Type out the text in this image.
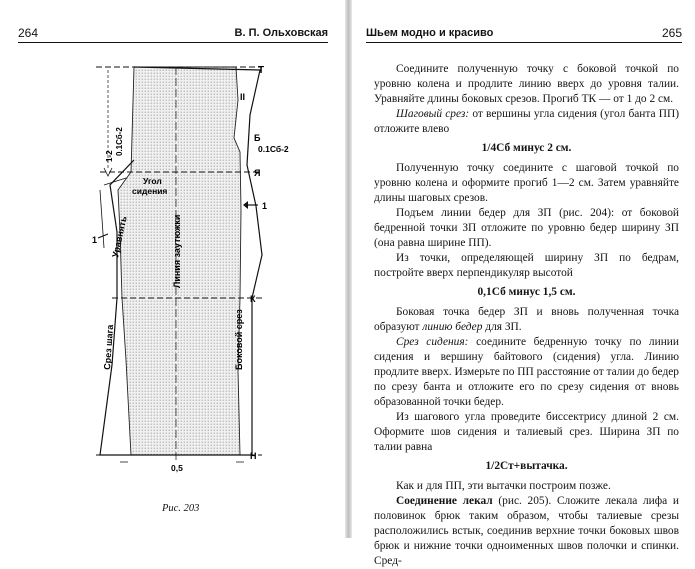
264	В. П. Ольховская
Т
II
Б
0.1Сб-2
0.1Сб-2
1-2
Угол
сидения
Я
1
1 Уравнять	Линия заутюжки
К
Срез шага	Боковой срез
Н
0,5
Рис. 203
Шьем модно и красиво	265

Соедините полученную точку с боковой точкой по уровню колена и продлите линию вверх до уровня талии. Уравняйте длины боковых срезов. Прогиб ТК — от 1 до 2 см.

Шаговый срез: от вершины угла сидения (угол банта ПП) отложите влево

1/4Сб минус 2 см.

Полученную точку соедините с шаговой точкой по уровню колена и оформите прогиб 1—2 см. Затем уравняйте длины шаговых срезов.

Подъем линии бедер для ЗП (рис. 204): от боковой бедренной точки ЗП отложите по уровню бедер ширину ЗП (она равна ширине ПП).

Из точки, определяющей ширину ЗП по бедрам, постройте вверх перпендикуляр высотой

0,1Сб минус 1,5 см.

Боковая точка бедер ЗП и вновь полученная точка образуют линию бедер для ЗП.

Срез сидения: соедините бедренную точку по линии сидения и вершину байтового (сидения) угла. Линию продлите вверх. Измерьте по ПП расстояние от талии до бедер по срезу банта и отложите его по срезу сидения от вновь образованной точки бедер.

Из шагового угла проведите биссектрису длиной 2 см. Оформите шов сидения и талиевый срез. Ширина ЗП по талии равна

1/2Ст+вытачка.

Как и для ПП, эти вытачки построим позже.

Соединение лекал (рис. 205). Сложите лекала лифа и половинок брюк таким образом, чтобы талиевые срезы расположились встык, соединив верхние точки боковых швов брюк и нижние точки одноименных швов полочки и спинки. Сред-
